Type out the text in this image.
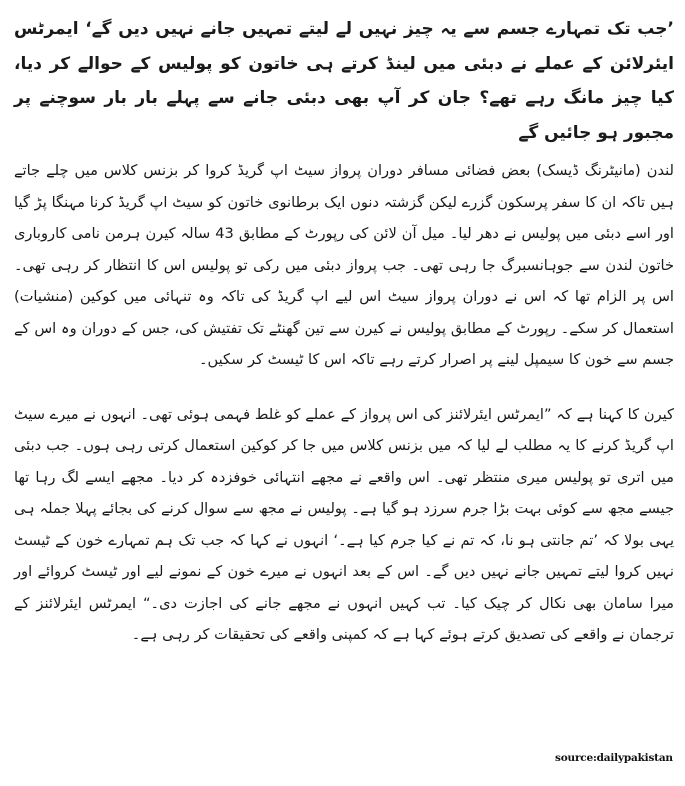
’جب تک تمہارے جسم سے یہ چیز نہیں لے لیتے تمہیں جانے نہیں دیں گے‘ ایمرٹس ایئرلائن کے عملے نے دبئی میں لینڈ کرتے ہی خاتون کو پولیس کے حوالے کر دیا، کیا چیز مانگ رہے تھے؟ جان کر آپ بھی دبئی جانے سے پہلے بار بار سوچنے پر مجبور ہو جائیں گے

لندن (مانیٹرنگ ڈیسک) بعض فضائی مسافر دوران پرواز سیٹ اپ گریڈ کروا کر بزنس کلاس میں چلے جاتے ہیں تاکہ ان کا سفر پرسکون گزرے لیکن گزشتہ دنوں ایک برطانوی خاتون کو سیٹ اپ گریڈ کرنا مہنگا پڑ گیا اور اسے دبئی میں پولیس نے دھر لیا۔ میل آن لائن کی رپورٹ کے مطابق 43 سالہ کیرن ہرمن نامی کاروباری خاتون لندن سے جوہانسبرگ جا رہی تھی۔ جب پرواز دبئی میں رکی تو پولیس اس کا انتظار کر رہی تھی۔ اس پر الزام تھا کہ اس نے دوران پرواز سیٹ اس لیے اپ گریڈ کی تاکہ وہ تنہائی میں کوکین (منشیات) استعمال کر سکے۔ رپورٹ کے مطابق پولیس نے کیرن سے تین گھنٹے تک تفتیش کی، جس کے دوران وہ اس کے جسم سے خون کا سیمپل لینے پر اصرار کرتے رہے تاکہ اس کا ٹیسٹ کر سکیں۔

کیرن کا کہنا ہے کہ ”ایمرٹس ایئرلائنز کی اس پرواز کے عملے کو غلط فہمی ہوئی تھی۔ انہوں نے میرے سیٹ اپ گریڈ کرنے کا یہ مطلب لے لیا کہ میں بزنس کلاس میں جا کر کوکین استعمال کرتی رہی ہوں۔ جب دبئی میں اتری تو پولیس میری منتظر تھی۔ اس واقعے نے مجھے انتہائی خوفزدہ کر دیا۔ مجھے ایسے لگ رہا تھا جیسے مجھ سے کوئی بہت بڑا جرم سرزد ہو گیا ہے۔ پولیس نے مجھ سے سوال کرنے کی بجائے پہلا جملہ ہی یہی بولا کہ ’تم جانتی ہو نا، کہ تم نے کیا جرم کیا ہے۔‘ انہوں نے کہا کہ جب تک ہم تمہارے خون کے ٹیسٹ نہیں کروا لیتے تمہیں جانے نہیں دیں گے۔ اس کے بعد انہوں نے میرے خون کے نمونے لیے اور ٹیسٹ کروائے اور میرا سامان بھی نکال کر چیک کیا۔ تب کہیں انہوں نے مجھے جانے کی اجازت دی۔“ ایمرٹس ایئرلائنز کے ترجمان نے واقعے کی تصدیق کرتے ہوئے کہا ہے کہ کمپنی واقعے کی تحقیقات کر رہی ہے۔

source:dailypakistan
